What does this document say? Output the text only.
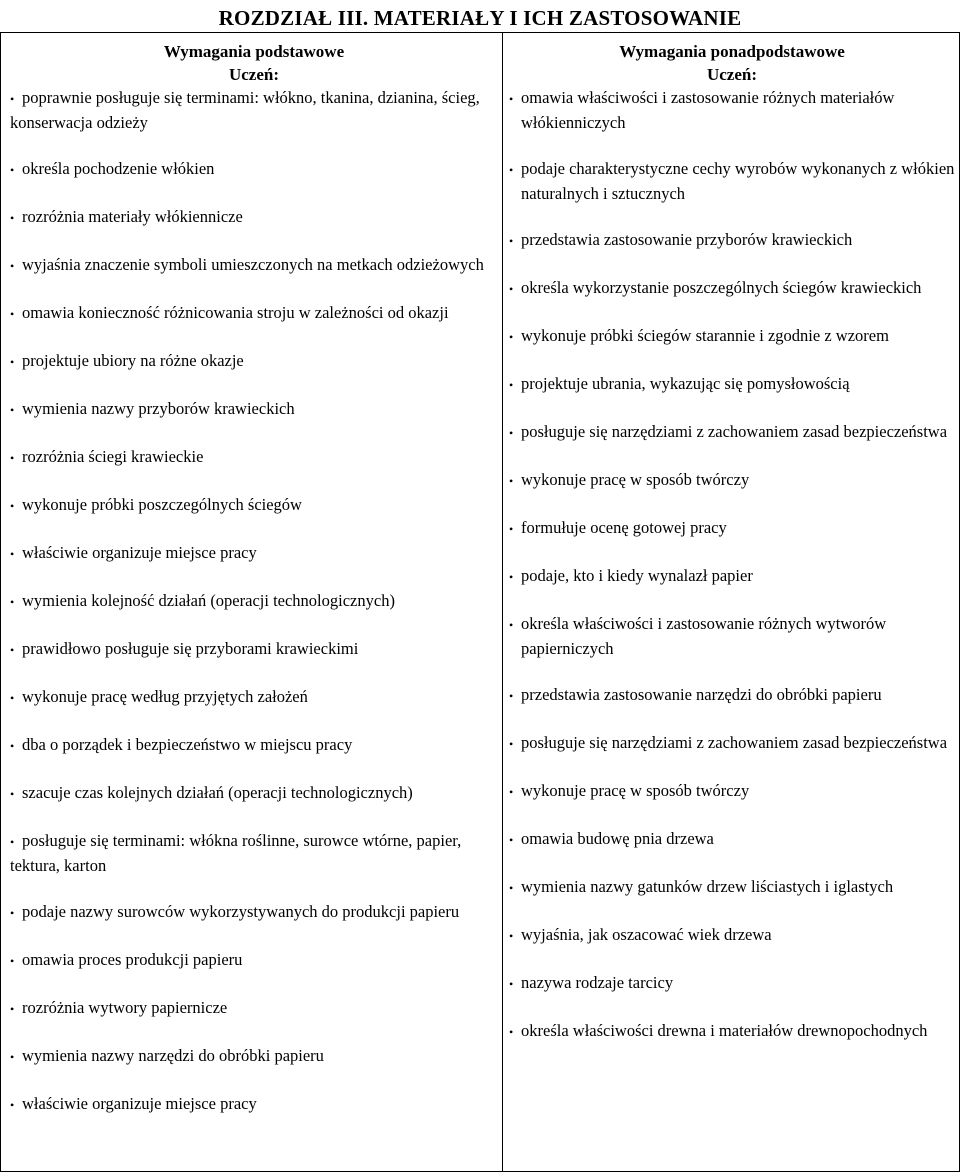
ROZDZIAŁ III. MATERIAŁY I ICH ZASTOSOWANIE
Wymagania podstawowe
Uczeń:
• poprawnie posługuje się terminami: włókno, tkanina, dzianina, ścieg, konserwacja odzieży
• określa pochodzenie włókien
• rozróżnia materiały włókiennicze
• wyjaśnia znaczenie symboli umieszczonych na metkach odzieżowych
• omawia konieczność różnicowania stroju w zależności od okazji
• projektuje ubiory na różne okazje
• wymienia nazwy przyborów krawieckich
• rozróżnia ściegi krawieckie
• wykonuje próbki poszczególnych ściegów
• właściwie organizuje miejsce pracy
• wymienia kolejność działań (operacji technologicznych)
• prawidłowo posługuje się przyborami krawieckimi
• wykonuje pracę według przyjętych założeń
• dba o porządek i bezpieczeństwo w miejscu pracy
• szacuje czas kolejnych działań (operacji technologicznych)
• posługuje się terminami: włókna roślinne, surowce wtórne, papier, tektura, karton
• podaje nazwy surowców wykorzystywanych do produkcji papieru
• omawia proces produkcji papieru
• rozróżnia wytwory papiernicze
• wymienia nazwy narzędzi do obróbki papieru
• właściwie organizuje miejsce pracy
Wymagania ponadpodstawowe
Uczeń:
• omawia właściwości i zastosowanie różnych materiałów włókienniczych
• podaje charakterystyczne cechy wyrobów wykonanych z włókien naturalnych i sztucznych
• przedstawia zastosowanie przyborów krawieckich
• określa wykorzystanie poszczególnych ściegów krawieckich
• wykonuje próbki ściegów starannie i zgodnie z wzorem
• projektuje ubrania, wykazując się pomysłowością
• posługuje się narzędziami z zachowaniem zasad bezpieczeństwa
• wykonuje pracę w sposób twórczy
• formułuje ocenę gotowej pracy
• podaje, kto i kiedy wynalazł papier
• określa właściwości i zastosowanie różnych wytworów papierniczych
• przedstawia zastosowanie narzędzi do obróbki papieru
• posługuje się narzędziami z zachowaniem zasad bezpieczeństwa
• wykonuje pracę w sposób twórczy
• omawia budowę pnia drzewa
• wymienia nazwy gatunków drzew liściastych i iglastych
• wyjaśnia, jak oszacować wiek drzewa
• nazywa rodzaje tarcicy
• określa właściwości drewna i materiałów drewnopochodnych
